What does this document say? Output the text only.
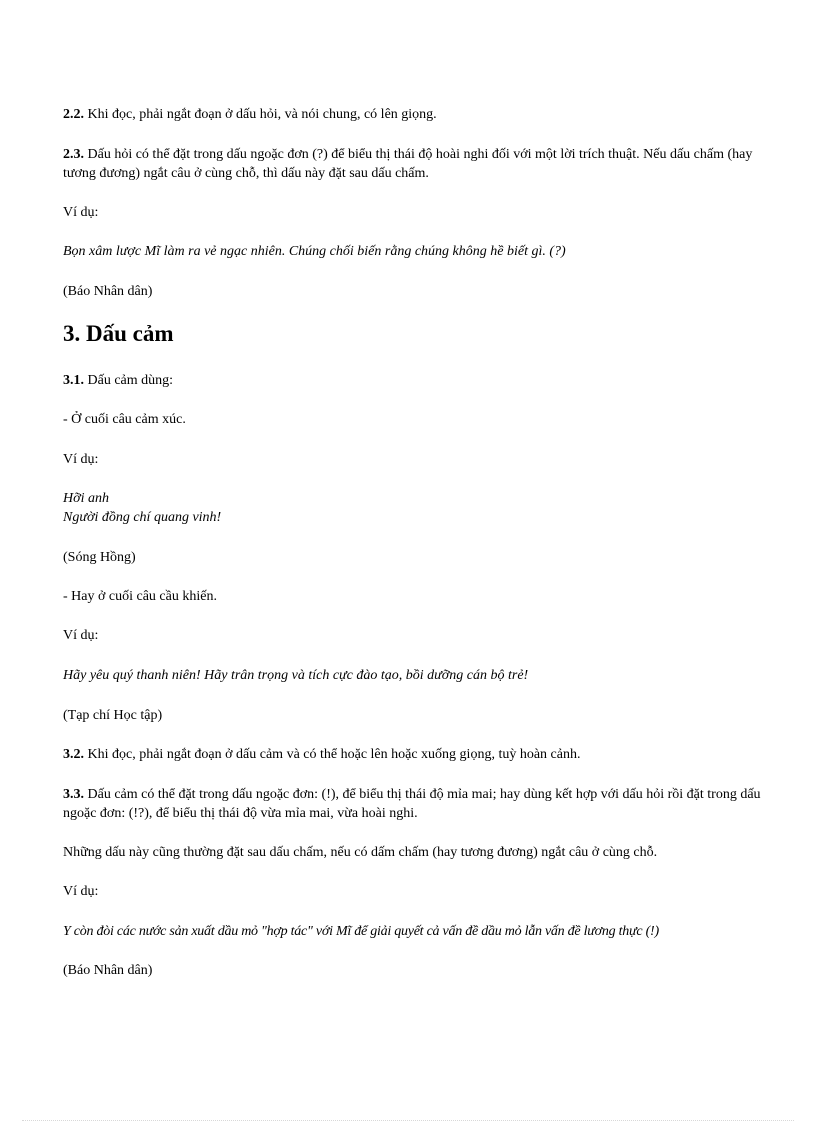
2.2. Khi đọc, phải ngắt đoạn ở dấu hỏi, và nói chung, có lên giọng.

2.3. Dấu hỏi có thể đặt trong dấu ngoặc đơn (?) để biểu thị thái độ hoài nghi đối với một lời trích thuật. Nếu dấu chấm (hay tương đương) ngắt câu ở cùng chỗ, thì dấu này đặt sau dấu chấm.

Ví dụ:

Bọn xâm lược Mĩ làm ra vẻ ngạc nhiên. Chúng chối biến rằng chúng không hề biết gì. (?)

(Báo Nhân dân)

3. Dấu cảm

3.1. Dấu cảm dùng:

- Ở cuối câu cảm xúc.

Ví dụ:

Hỡi anh
Người đồng chí quang vinh!

(Sóng Hồng)

- Hay ở cuối câu cầu khiến.

Ví dụ:

Hãy yêu quý thanh niên! Hãy trân trọng và tích cực đào tạo, bồi dưỡng cán bộ trẻ!

(Tạp chí Học tập)

3.2. Khi đọc, phải ngắt đoạn ở dấu cảm và có thể hoặc lên hoặc xuống giọng, tuỳ hoàn cảnh.

3.3. Dấu cảm có thể đặt trong dấu ngoặc đơn: (!), để biểu thị thái độ mỉa mai; hay dùng kết hợp với dấu hỏi rồi đặt trong dấu ngoặc đơn: (!?), để biểu thị thái độ vừa mỉa mai, vừa hoài nghi.

Những dấu này cũng thường đặt sau dấu chấm, nếu có dấm chấm (hay tương đương) ngắt câu ở cùng chỗ.

Ví dụ:

Y còn đòi các nước sản xuất dầu mỏ "hợp tác" với Mĩ để giải quyết cả vấn đề dầu mỏ lẫn vấn đề lương thực (!)

(Báo Nhân dân)
